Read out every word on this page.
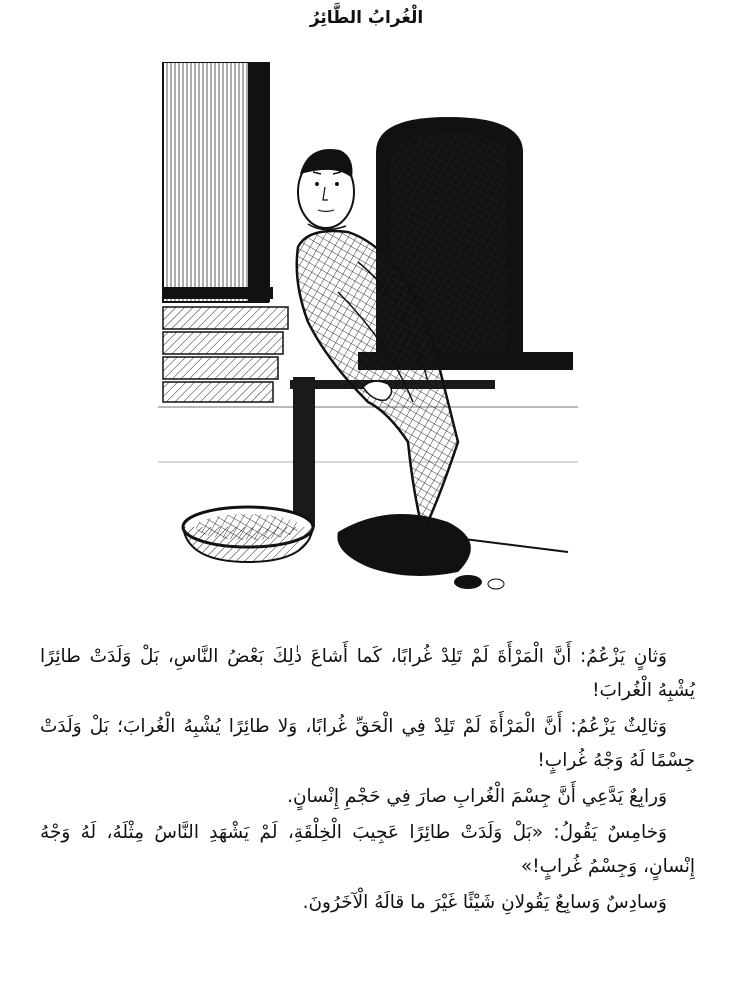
الْغُرابُ الطَّائِرُ

وَثانٍ يَزْعُمُ: أَنَّ الْمَرْأَةَ لَمْ تَلِدْ غُرابًا، كَما أَشاعَ ذٰلِكَ بَعْضُ النَّاسِ، بَلْ وَلَدَتْ طائِرًا يُشْبِهُ الْغُرابَ!

وَثالِثٌ يَزْعُمُ: أَنَّ الْمَرْأَةَ لَمْ تَلِدْ فِي الْحَقِّ غُرابًا، وَلا طائِرًا يُشْبِهُ الْغُرابَ؛ بَلْ وَلَدَتْ جِسْمًا لَهُ وَجْهُ غُرابٍ!

وَرابِعٌ يَدَّعِي أَنَّ جِسْمَ الْغُرابِ صارَ فِي حَجْمِ إِنْسانٍ.

وَخامِسٌ يَقُولُ: «بَلْ وَلَدَتْ طائِرًا عَجِيبَ الْخِلْقَةِ، لَمْ يَشْهَدِ النَّاسُ مِثْلَهُ، لَهُ وَجْهُ إِنْسانٍ، وَجِسْمُ غُرابٍ!»

وَسادِسٌ وَسابِعٌ يَقُولانِ شَيْئًا غَيْرَ ما قالَهُ الْآخَرُونَ.
